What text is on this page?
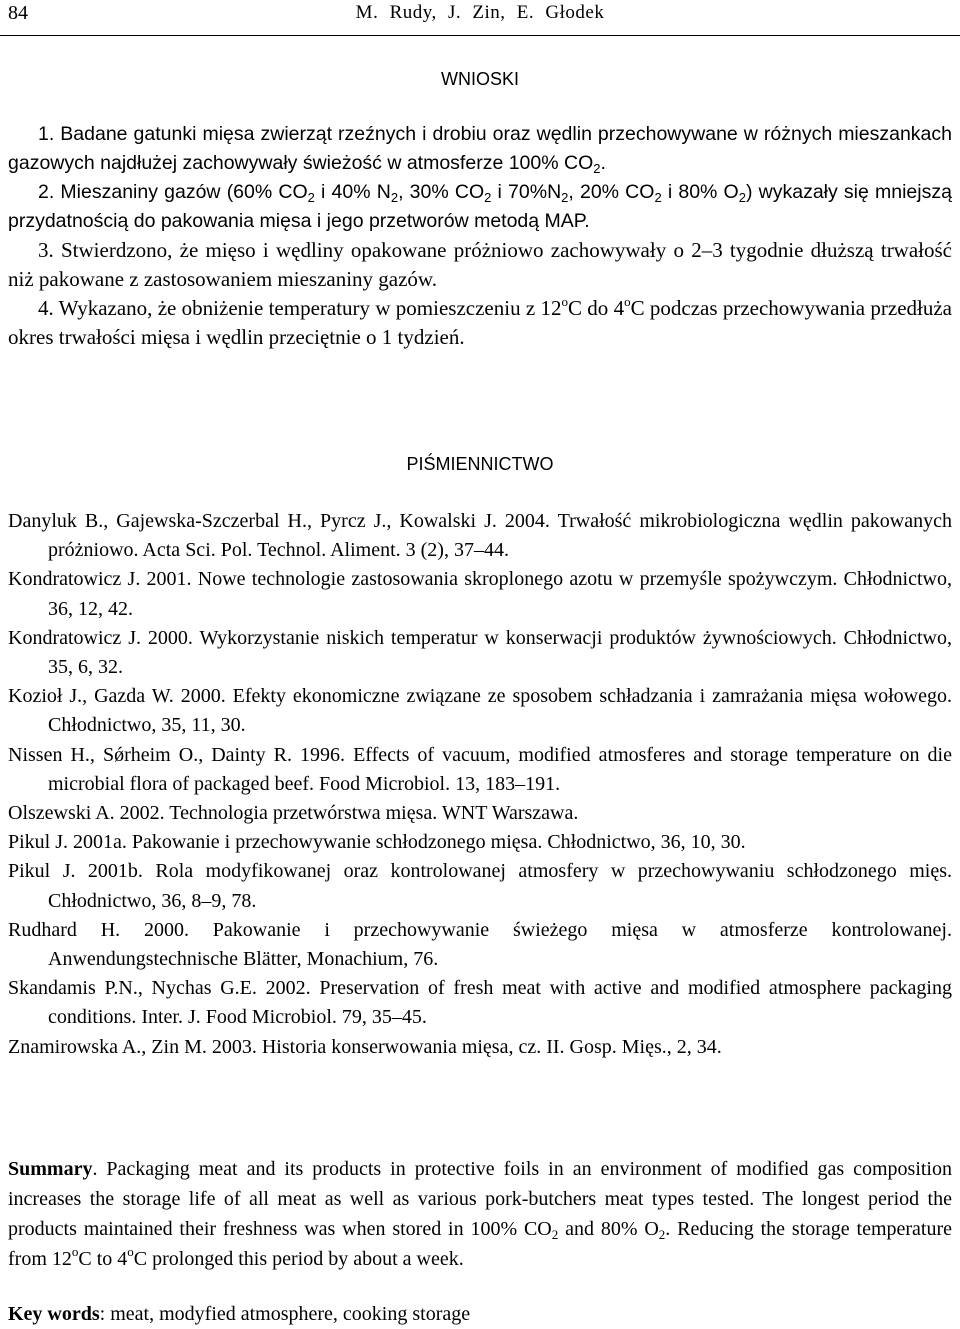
84	M. Rudy, J. Zin, E. Głodek
WNIOSKI

1. Badane gatunki mięsa zwierząt rzeźnych i drobiu oraz wędlin przechowywane w różnych mieszankach gazowych najdłużej zachowywały świeżość w atmosferze 100% $CO_2$.

2. Mieszaniny gazów (60% $CO_2$ i 40% $N_2$, 30% $CO_2$ i $70\%N_2$, 20% $CO_2$ i 80% $O_2$) wykazały się mniejszą przydatnością do pakowania mięsa i jego przetworów metodą MAP.

3. Stwierdzono, że mięso i wędliny opakowane próżniowo zachowywały o 2–3 tygodnie dłuższą trwałość niż pakowane z zastosowaniem mieszaniny gazów.

4. Wykazano, że obniżenie temperatury w pomieszczeniu z 12$^o$C do 4$^o$C podczas przechowywania przedłuża okres trwałości mięsa i wędlin przeciętnie o 1 tydzień.

PIŚMIENNICTWO
Danyluk B., Gajewska-Szczerbal H., Pyrcz J., Kowalski J. 2004. Trwałość mikrobiologiczna wędlin pakowanych próżniowo. Acta Sci. Pol. Technol. Aliment. 3 (2), 37–44.
Kondratowicz J. 2001. Nowe technologie zastosowania skroplonego azotu w przemyśle spożywczym. Chłodnictwo, 36, 12, 42.
Kondratowicz J. 2000. Wykorzystanie niskich temperatur w konserwacji produktów żywnościowych. Chłodnictwo, 35, 6, 32.
Kozioł J., Gazda W. 2000. Efekty ekonomiczne związane ze sposobem schładzania i zamrażania mięsa wołowego. Chłodnictwo, 35, 11, 30.
Nissen H., Sǿrheim O., Dainty R. 1996. Effects of vacuum, modified atmosferes and storage temperature on die microbial flora of packaged beef. Food Microbiol. 13, 183–191.
Olszewski A. 2002. Technologia przetwórstwa mięsa. WNT Warszawa.
Pikul J. 2001a. Pakowanie i przechowywanie schłodzonego mięsa. Chłodnictwo, 36, 10, 30.
Pikul J. 2001b. Rola modyfikowanej oraz kontrolowanej atmosfery w przechowywaniu schłodzonego mięs. Chłodnictwo, 36, 8–9, 78.
Rudhard H. 2000. Pakowanie i przechowywanie świeżego mięsa w atmosferze kontrolowanej. Anwendungstechnische Blätter, Monachium, 76.
Skandamis P.N., Nychas G.E. 2002. Preservation of fresh meat with active and modified atmosphere packaging conditions. Inter. J. Food Microbiol. 79, 35–45.
Znamirowska A., Zin M. 2003. Historia konserwowania mięsa, cz. II. Gosp. Mięs., 2, 34.

Summary. Packaging meat and its products in protective foils in an environment of modified gas composition increases the storage life of all meat as well as various pork-butchers meat types tested. The longest period the products maintained their freshness was when stored in 100% $CO_2$ and 80% $O_2$. Reducing the storage temperature from 12$^o$C to 4$^o$C prolonged this period by about a week.

Key words: meat, modyfied atmosphere, cooking storage
